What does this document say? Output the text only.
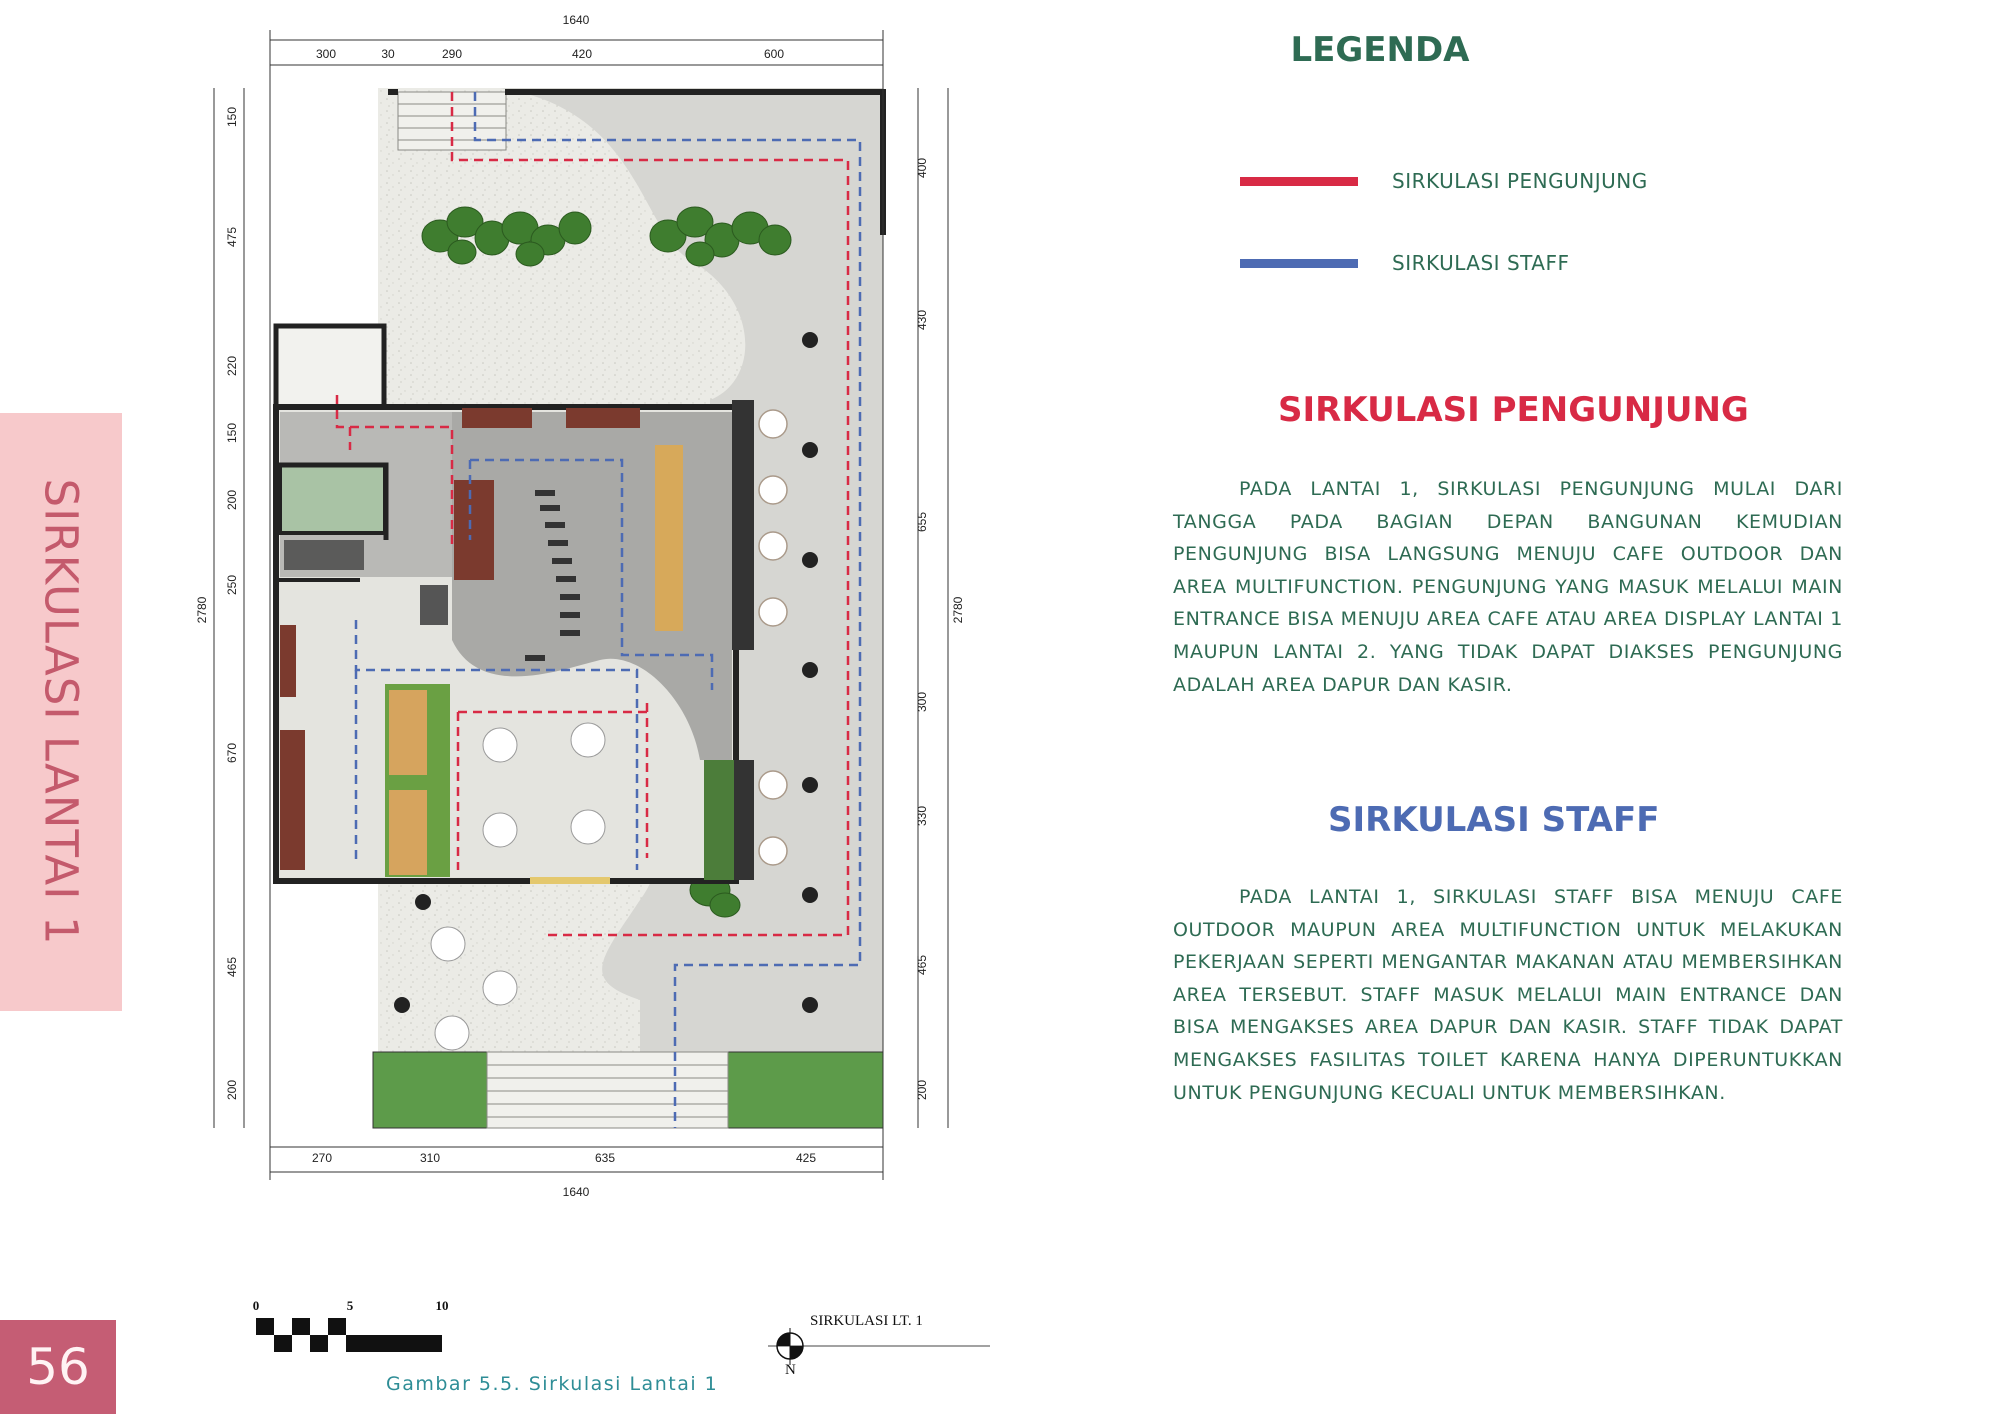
SIRKULASI LANTAI 1
56
1640
300	30	290	420	600
270	310	635	425
1640
150
475
220
150
200
250
670
465
200
2780
400
430
655
300
330
465
200
2780
0	5	10
SIRKULASI LT. 1
N
Gambar 5.5. Sirkulasi Lantai 1
LEGENDA
SIRKULASI PENGUNJUNG
SIRKULASI STAFF
SIRKULASI PENGUNJUNG

PADA LANTAI 1, SIRKULASI PENGUNJUNG MULAI DARI TANGGA PADA BAGIAN DEPAN BANGUNAN KEMUDIAN PENGUNJUNG BISA LANGSUNG MENUJU CAFE OUTDOOR DAN AREA MULTIFUNCTION. PENGUNJUNG YANG MASUK MELALUI MAIN ENTRANCE BISA MENUJU AREA CAFE ATAU AREA DISPLAY LANTAI 1 MAUPUN LANTAI 2. YANG TIDAK DAPAT DIAKSES PENGUNJUNG ADALAH AREA DAPUR DAN KASIR.

SIRKULASI STAFF

PADA LANTAI 1, SIRKULASI STAFF BISA MENUJU CAFE OUTDOOR MAUPUN AREA MULTIFUNCTION UNTUK MELAKUKAN PEKERJAAN SEPERTI MENGANTAR MAKANAN ATAU MEMBERSIHKAN AREA TERSEBUT. STAFF MASUK MELALUI MAIN ENTRANCE DAN BISA MENGAKSES AREA DAPUR DAN KASIR. STAFF TIDAK DAPAT MENGAKSES FASILITAS TOILET KARENA HANYA DIPERUNTUKKAN UNTUK PENGUNJUNG KECUALI UNTUK MEMBERSIHKAN.
